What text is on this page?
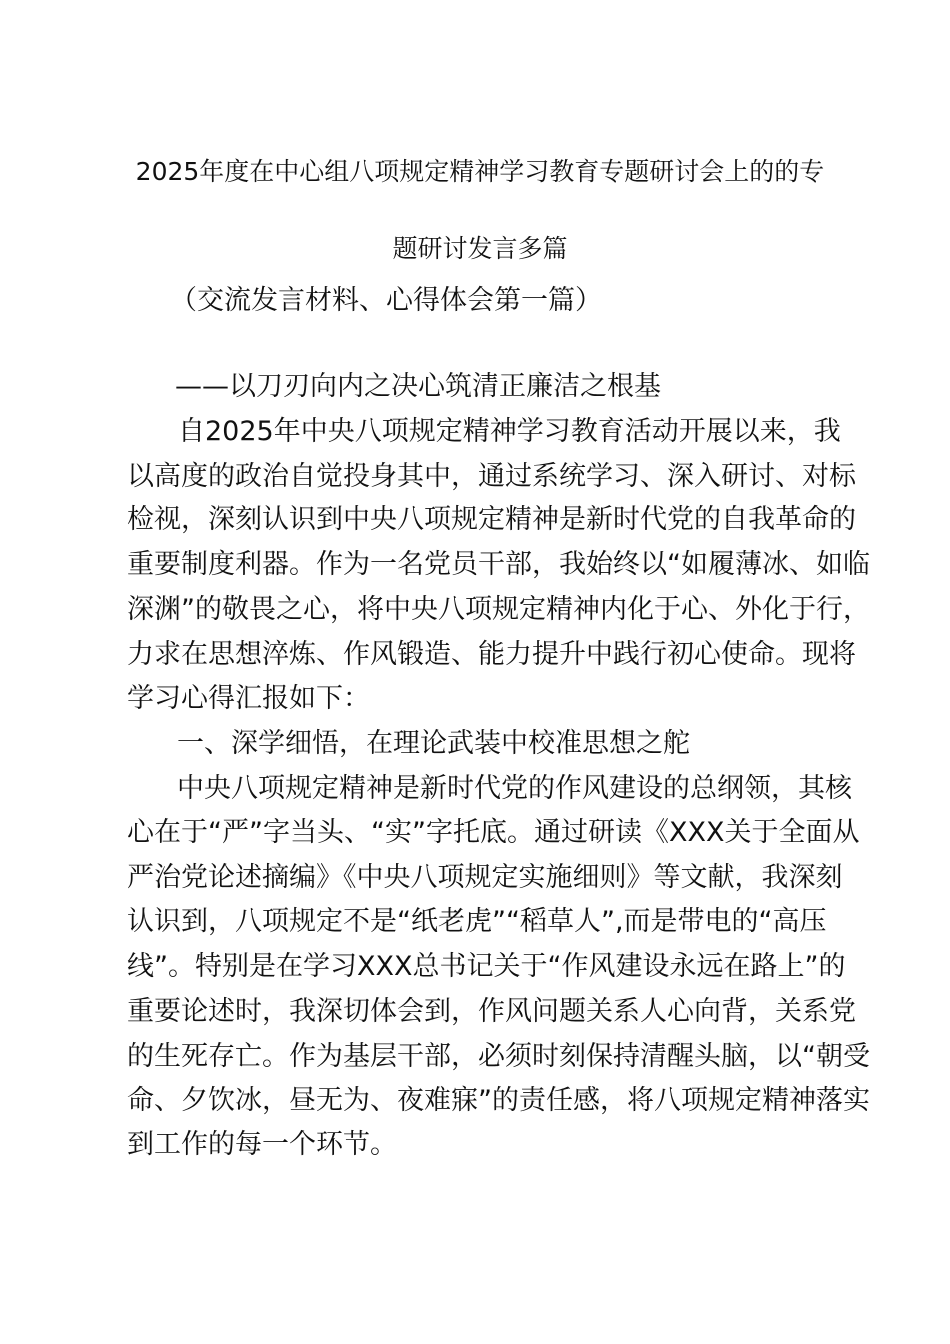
2025年度在中心组八项规定精神学习教育专题研讨会上的的专
题研讨发言多篇
（交流发言材料、心得体会第一篇）
——以刀刃向内之决心筑清正廉洁之根基
自2025年中央八项规定精神学习教育活动开展以来，我
以高度的政治自觉投身其中，通过系统学习、深入研讨、对标
检视，深刻认识到中央八项规定精神是新时代党的自我革命的
重要制度利器。作为一名党员干部，我始终以“如履薄冰、如临
深渊”的敬畏之心，将中央八项规定精神内化于心、外化于行，
力求在思想淬炼、作风锻造、能力提升中践行初心使命。现将
学习心得汇报如下：
一、深学细悟，在理论武装中校准思想之舵
中央八项规定精神是新时代党的作风建设的总纲领，其核
心在于“严”字当头、“实”字托底。通过研读《XXX关于全面从
严治党论述摘编》《中央八项规定实施细则》等文献，我深刻
认识到，八项规定不是“纸老虎”“稻草人”,而是带电的“高压
线”。特别是在学习XXX总书记关于“作风建设永远在路上”的
重要论述时，我深切体会到，作风问题关系人心向背，关系党
的生死存亡。作为基层干部，必须时刻保持清醒头脑，以“朝受
命、夕饮冰，昼无为、夜难寐”的责任感，将八项规定精神落实
到工作的每一个环节。
